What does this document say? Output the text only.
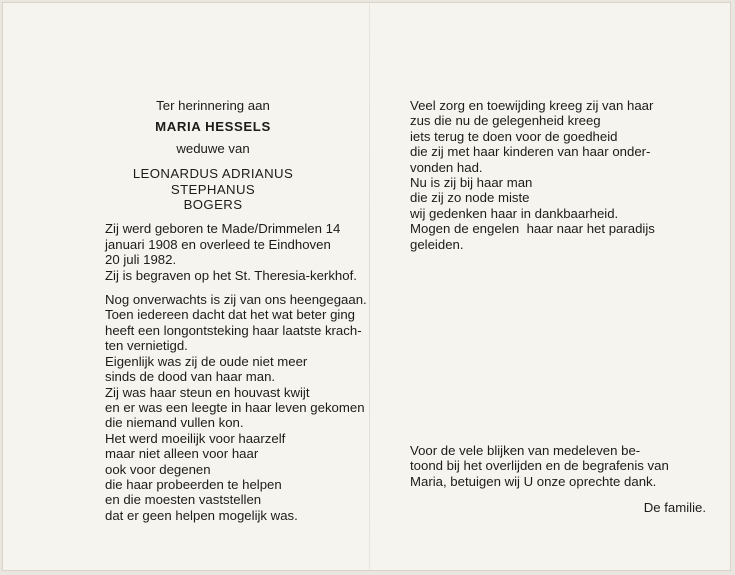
Ter herinnering aan
MARIA HESSELS
weduwe van
LEONARDUS ADRIANUS STEPHANUS
BOGERS
Zij werd geboren te Made/Drimmelen 14
januari 1908 en overleed te Eindhoven
20 juli 1982.
Zij is begraven op het St. Theresia-kerkhof.
Nog onverwachts is zij van ons heengegaan.
Toen iedereen dacht dat het wat beter ging
heeft een longontsteking haar laatste krach-
ten vernietigd.
Eigenlijk was zij de oude niet meer
sinds de dood van haar man.
Zij was haar steun en houvast kwijt
en er was een leegte in haar leven gekomen
die niemand vullen kon.
Het werd moeilijk voor haarzelf
maar niet alleen voor haar
ook voor degenen
die haar probeerden te helpen
en die moesten vaststellen
dat er geen helpen mogelijk was.
Veel zorg en toewijding kreeg zij van haar
zus die nu de gelegenheid kreeg
iets terug te doen voor de goedheid
die zij met haar kinderen van haar onder-
vonden had.
Nu is zij bij haar man
die zij zo node miste
wij gedenken haar in dankbaarheid.
Mogen de engelen  haar naar het paradijs
geleiden.
Voor de vele blijken van medeleven be-
toond bij het overlijden en de begrafenis van
Maria, betuigen wij U onze oprechte dank.
De familie.
